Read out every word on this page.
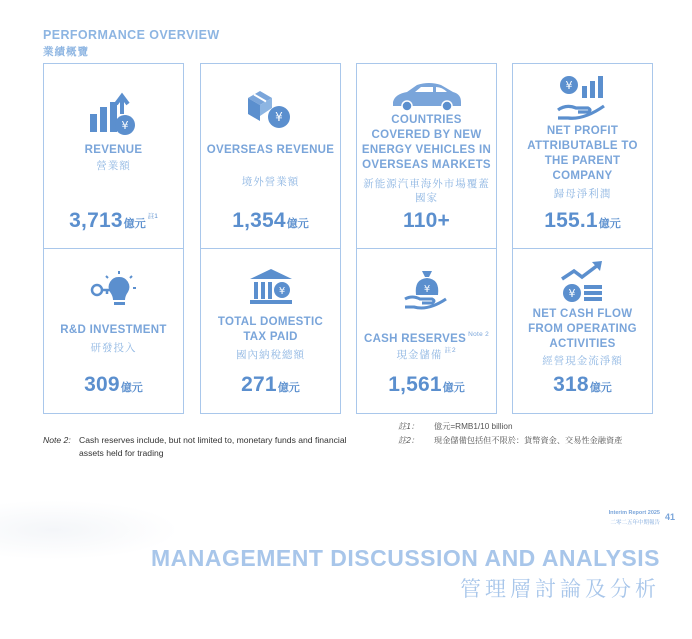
PERFORMANCE OVERVIEW
業績概覽
¥
REVENUE
營業額
3,713億元$^{註1}$
R&D INVESTMENT
研發投入
309億元
¥
OVERSEAS REVENUE
境外營業額
1,354億元
¥
TOTAL DOMESTIC TAX PAID
國內納稅總額
271億元
COUNTRIES COVERED BY NEW ENERGY VEHICLES IN OVERSEAS MARKETS
新能源汽車海外市場覆蓋國家
110+
¥
CASH RESERVES $^{Note 2}$
現金儲備 $^{註2}$
1,561億元
¥
NET PROFIT ATTRIBUTABLE TO THE PARENT COMPANY
歸母淨利潤
155.1億元
¥
NET CASH FLOW FROM OPERATING ACTIVITIES
經營現金流淨額
318億元
註1： 億元=RMB1/10 billion
註2： 現金儲備包括但不限於：貨幣資金、交易性金融資產
Note 2: Cash reserves include, but not limited to, monetary funds and financial
assets held for trading
Interim Report 2025
二零二五年中期報告
41
MANAGEMENT DISCUSSION AND ANALYSIS
管理層討論及分析
